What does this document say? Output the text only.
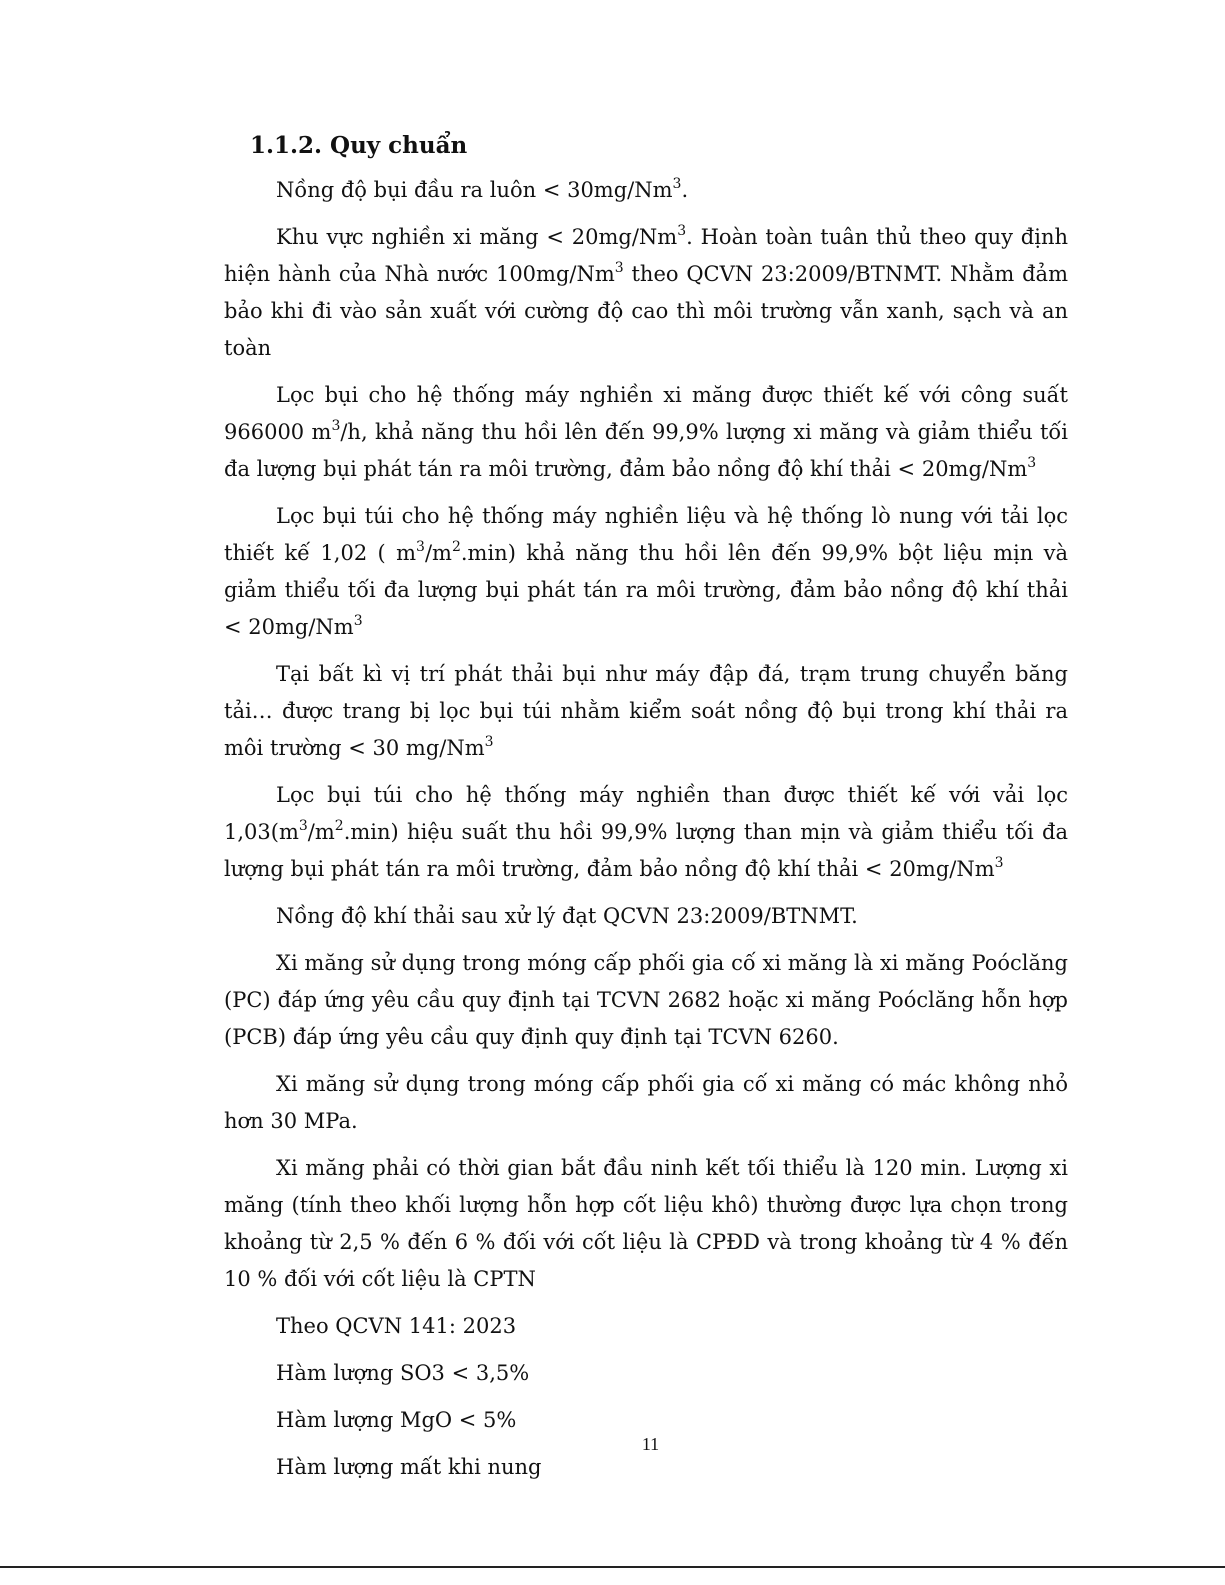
1.1.2. Quy chuẩn

Nồng độ bụi đầu ra luôn < $30mg/Nm^3$.

Khu vực nghiền xi măng < $20mg/Nm^3$. Hoàn toàn tuân thủ theo quy định hiện hành của Nhà nước 100mg/Nm$^3$ theo QCVN 23:2009/BTNMT. Nhằm đảm bảo khi đi vào sản xuất với cường độ cao thì môi trường vẫn xanh, sạch và an toàn

Lọc bụi cho hệ thống máy nghiền xi măng được thiết kế với công suất 966000 $m^3/h$, khả năng thu hồi lên đến 99,9% lượng xi măng và giảm thiểu tối đa lượng bụi phát tán ra môi trường, đảm bảo nồng độ khí thải < $20mg/Nm^3$

Lọc bụi túi cho hệ thống máy nghiền liệu và hệ thống lò nung với tải lọc thiết kế 1,02 ( $m^3/m^2.\min$) khả năng thu hồi lên đến 99,9% bột liệu mịn và giảm thiểu tối đa lượng bụi phát tán ra môi trường, đảm bảo nồng độ khí thải < $20mg/Nm^3$

Tại bất kì vị trí phát thải bụi như máy đập đá, trạm trung chuyển băng tải… được trang bị lọc bụi túi nhằm kiểm soát nồng độ bụi trong khí thải ra môi trường < 30 mg/Nm$^3$

Lọc bụi túi cho hệ thống máy nghiền than được thiết kế với vải lọc $1,03(m^3/m^2.\min)$ hiệu suất thu hồi 99,9% lượng than mịn và giảm thiểu tối đa lượng bụi phát tán ra môi trường, đảm bảo nồng độ khí thải < $20mg/Nm^3$

Nồng độ khí thải sau xử lý đạt QCVN 23:2009/BTNMT.

Xi măng sử dụng trong móng cấp phối gia cố xi măng là xi măng Poóclăng (PC) đáp ứng yêu cầu quy định tại TCVN 2682 hoặc xi măng Poóclăng hỗn hợp (PCB) đáp ứng yêu cầu quy định quy định tại TCVN 6260.

Xi măng sử dụng trong móng cấp phối gia cố xi măng có mác không nhỏ hơn 30 MPa.

Xi măng phải có thời gian bắt đầu ninh kết tối thiểu là 120 min. Lượng xi măng (tính theo khối lượng hỗn hợp cốt liệu khô) thường được lựa chọn trong khoảng từ 2,5 % đến 6 % đối với cốt liệu là CPĐD và trong khoảng từ 4 % đến 10 % đối với cốt liệu là CPTN

Theo QCVN 141: 2023

Hàm lượng SO3 < 3,5%

Hàm lượng MgO < 5%

Hàm lượng mất khi nung

11
